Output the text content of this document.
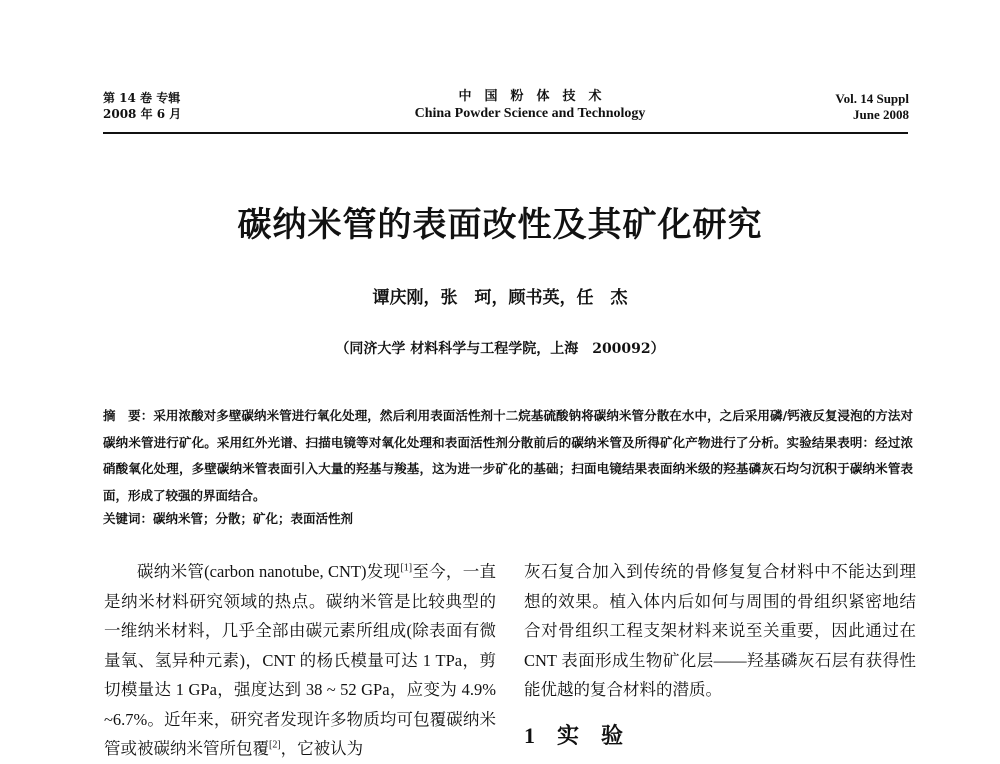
第 14 卷 专辑
2008 年 6 月
中国粉体技术
China Powder Science and Technology
Vol. 14 Suppl
June 2008
碳纳米管的表面改性及其矿化研究
谭庆刚，张　珂，顾书英，任　杰
（同济大学 材料科学与工程学院，上海　200092）
摘　要：采用浓酸对多壁碳纳米管进行氧化处理，然后利用表面活性剂十二烷基硫酸钠将碳纳米管分散在水中，之后采用磷/钙液反复浸泡的方法对碳纳米管进行矿化。采用红外光谱、扫描电镜等对氧化处理和表面活性剂分散前后的碳纳米管及所得矿化产物进行了分析。实验结果表明：经过浓硝酸氧化处理，多壁碳纳米管表面引入大量的羟基与羧基，这为进一步矿化的基础；扫面电镜结果表面纳米级的羟基磷灰石均匀沉积于碳纳米管表面，形成了较强的界面结合。
关键词：碳纳米管；分散；矿化；表面活性剂

碳纳米管(carbon nanotube, CNT)发现[1]至今，一直是纳米材料研究领域的热点。碳纳米管是比较典型的一维纳米材料，几乎全部由碳元素所组成(除表面有微量氧、氢异种元素)，CNT 的杨氏模量可达 1 TPa，剪切模量达 1 GPa，强度达到 38 ~ 52 GPa，应变为 4.9% ~6.7%。近年来，研究者发现许多物质均可包覆碳纳米管或被碳纳米管所包覆[2]，它被认为

灰石复合加入到传统的骨修复复合材料中不能达到理想的效果。植入体内后如何与周围的骨组织紧密地结合对骨组织工程支架材料来说至关重要，因此通过在 CNT 表面形成生物矿化层——羟基磷灰石层有获得性能优越的复合材料的潜质。

1 实　验
